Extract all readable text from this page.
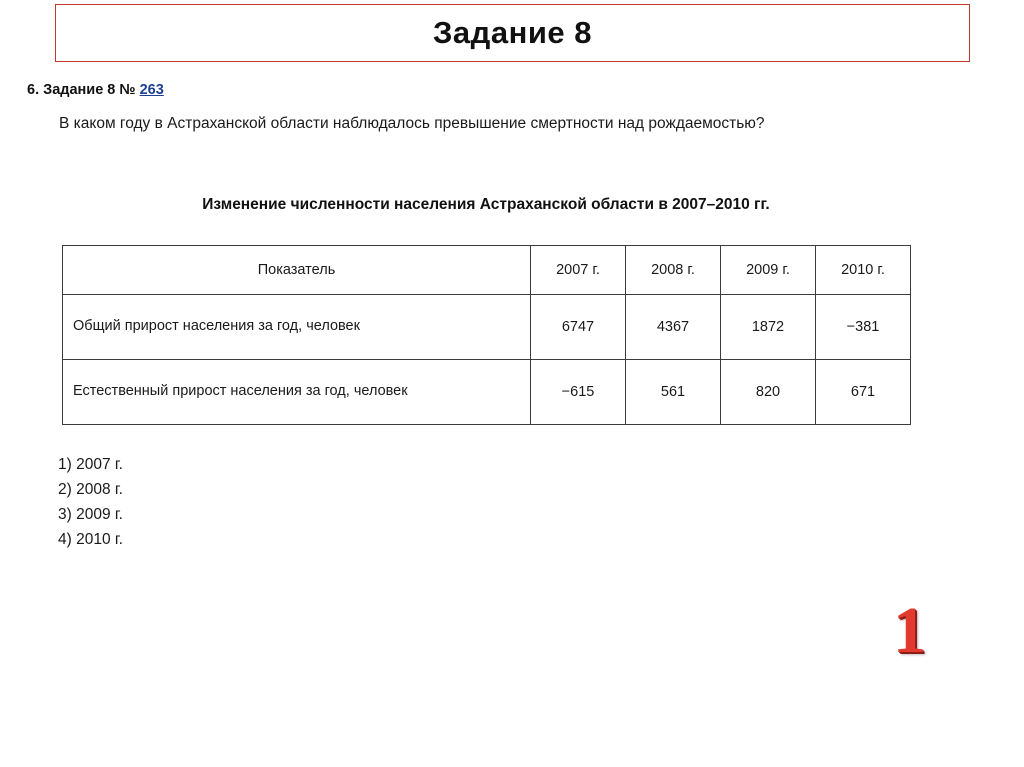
Задание 8
6. Задание 8 № 263
В каком году в Астраханской области наблюдалось превышение смертности над рождаемостью?
Изменение численности населения Астраханской области в 2007–2010 гг.
Показатель	2007 г.	2008 г.	2009 г.	2010 г.
Общий прирост населения за год, человек	6747	4367	1872	−381
Естественный прирост населения за год, человек	−615	561	820	671
1) 2007 г.
2) 2008 г.
3) 2009 г.
4) 2010 г.
1
